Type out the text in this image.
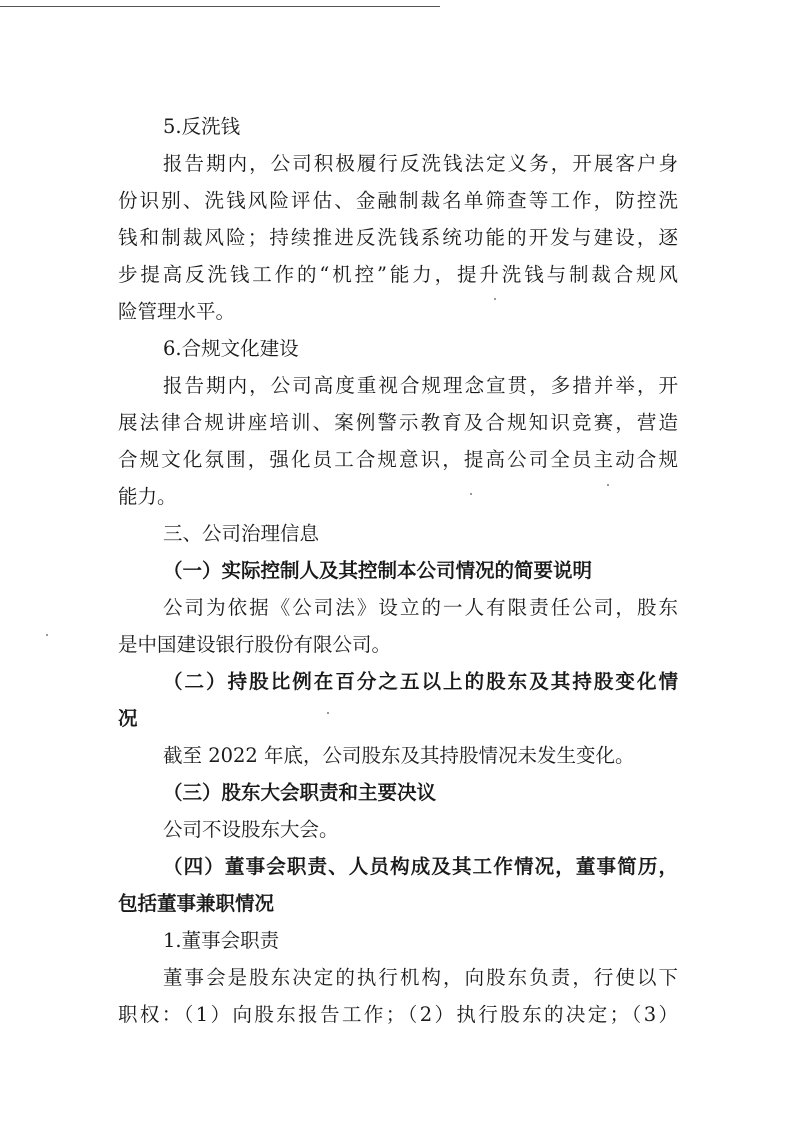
5.反洗钱
报告期内，公司积极履行反洗钱法定义务，开展客户身
份识别、洗钱风险评估、金融制裁名单筛查等工作，防控洗
钱和制裁风险；持续推进反洗钱系统功能的开发与建设，逐
步提高反洗钱工作的“机控”能力，提升洗钱与制裁合规风
险管理水平。
6.合规文化建设
报告期内，公司高度重视合规理念宣贯，多措并举，开
展法律合规讲座培训、案例警示教育及合规知识竞赛，营造
合规文化氛围，强化员工合规意识，提高公司全员主动合规
能力。
三、公司治理信息
（一）实际控制人及其控制本公司情况的简要说明
公司为依据《公司法》设立的一人有限责任公司，股东
是中国建设银行股份有限公司。
（二）持股比例在百分之五以上的股东及其持股变化情
况
截至 2022 年底，公司股东及其持股情况未发生变化。
（三）股东大会职责和主要决议
公司不设股东大会。
（四）董事会职责、人员构成及其工作情况，董事简历，
包括董事兼职情况
1.董事会职责
董事会是股东决定的执行机构，向股东负责，行使以下
职权：（1）向股东报告工作；（2）执行股东的决定；（3）
